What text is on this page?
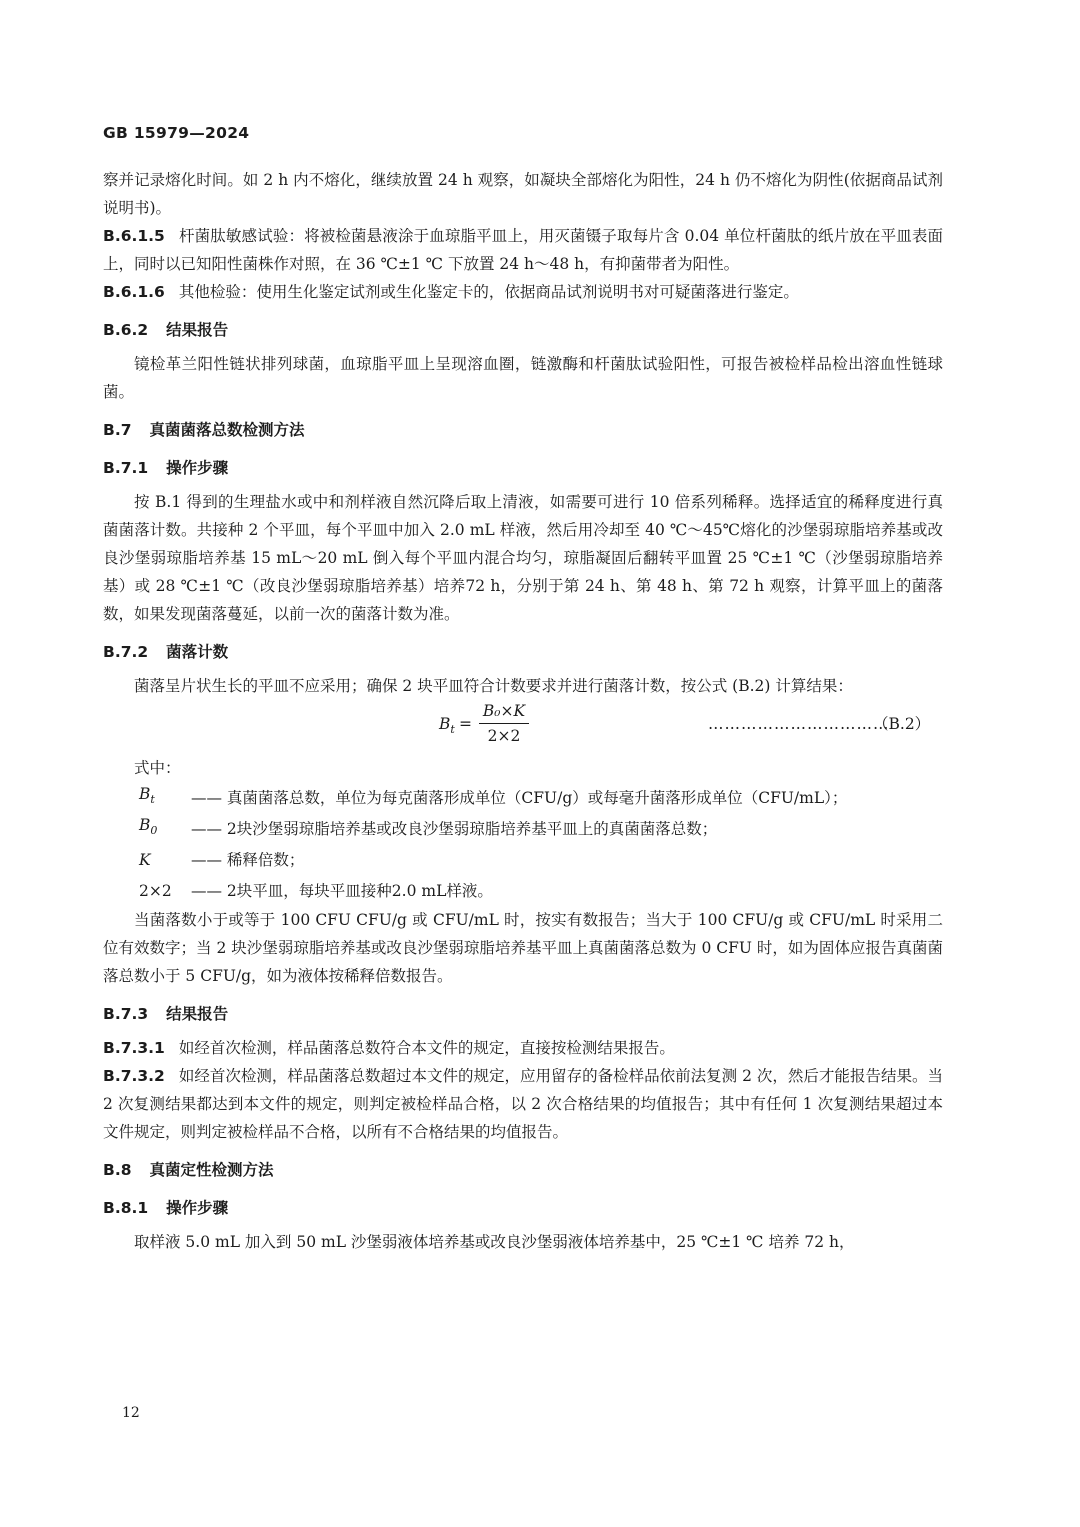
GB 15979—2024

察并记录熔化时间。如 2 h 内不熔化，继续放置 24 h 观察，如凝块全部熔化为阳性，24 h 仍不熔化为阴性(依据商品试剂说明书)。

B.6.1.5 杆菌肽敏感试验：将被检菌悬液涂于血琼脂平皿上，用灭菌镊子取每片含 0.04 单位杆菌肽的纸片放在平皿表面上，同时以已知阳性菌株作对照，在 36 ℃±1 ℃ 下放置 24 h～48 h，有抑菌带者为阳性。

B.6.1.6 其他检验：使用生化鉴定试剂或生化鉴定卡的，依据商品试剂说明书对可疑菌落进行鉴定。

B.6.2 结果报告

镜检革兰阳性链状排列球菌，血琼脂平皿上呈现溶血圈，链激酶和杆菌肽试验阳性，可报告被检样品检出溶血性链球菌。

B.7 真菌菌落总数检测方法
B.7.1 操作步骤

按 B.1 得到的生理盐水或中和剂样液自然沉降后取上清液，如需要可进行 10 倍系列稀释。选择适宜的稀释度进行真菌菌落计数。共接种 2 个平皿，每个平皿中加入 2.0 mL 样液，然后用冷却至 40 ℃～45℃熔化的沙堡弱琼脂培养基或改良沙堡弱琼脂培养基 15 mL～20 mL 倒入每个平皿内混合均匀，琼脂凝固后翻转平皿置 25 ℃±1 ℃（沙堡弱琼脂培养基）或 28 ℃±1 ℃（改良沙堡弱琼脂培养基）培养72 h，分别于第 24 h、第 48 h、第 72 h 观察，计算平皿上的菌落数，如果发现菌落蔓延，以前一次的菌落计数为准。

B.7.2 菌落计数

菌落呈片状生长的平皿不应采用；确保 2 块平皿符合计数要求并进行菌落计数，按公式 (B.2) 计算结果：

$B_t = \frac{\text{B₀×K}}{2\times 2}$	……………………………
（B.2）

式中：

$B_t$	—— 真菌菌落总数，单位为每克菌落形成单位（CFU/g）或每毫升菌落形成单位（CFU/mL）；
$B_0$	—— 2块沙堡弱琼脂培养基或改良沙堡弱琼脂培养基平皿上的真菌菌落总数；
K	—— 稀释倍数；
2×2	—— 2块平皿，每块平皿接种2.0 mL样液。

当菌落数小于或等于 100 CFU CFU/g 或 CFU/mL 时，按实有数报告；当大于 100 CFU/g 或 CFU/mL 时采用二位有效数字；当 2 块沙堡弱琼脂培养基或改良沙堡弱琼脂培养基平皿上真菌菌落总数为 0 CFU 时，如为固体应报告真菌菌落总数小于 5 CFU/g，如为液体按稀释倍数报告。

B.7.3 结果报告

B.7.3.1 如经首次检测，样品菌落总数符合本文件的规定，直接按检测结果报告。

B.7.3.2 如经首次检测，样品菌落总数超过本文件的规定，应用留存的备检样品依前法复测 2 次，然后才能报告结果。当 2 次复测结果都达到本文件的规定，则判定被检样品合格，以 2 次合格结果的均值报告；其中有任何 1 次复测结果超过本文件规定，则判定被检样品不合格，以所有不合格结果的均值报告。

B.8 真菌定性检测方法
B.8.1 操作步骤

取样液 5.0 mL 加入到 50 mL 沙堡弱液体培养基或改良沙堡弱液体培养基中，25 ℃±1 ℃ 培养 72 h，

12
